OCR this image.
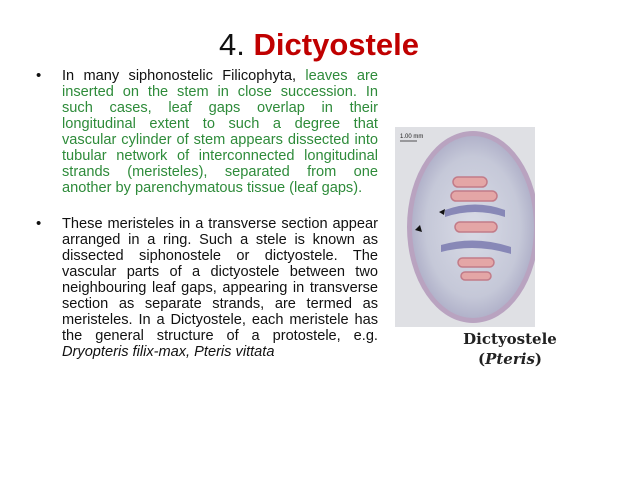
4. Dictyostele
• In many siphonostelic Filicophyta, leaves are inserted on the stem in close succession. In such cases, leaf gaps overlap in their longitudinal extent to such a degree that vascular cylinder of stem appears dissected into tubular network of interconnected longitudinal strands (meristeles), separated from one another by parenchymatous tissue (leaf gaps).
• These meristeles in a transverse section appear arranged in a ring. Such a stele is known as dissected siphonostele or dictyostele. The vascular parts of a dictyostele between two neighbouring leaf gaps, appearing in transverse section as separate strands, are termed as meristeles. In a Dictyostele, each meristele has the general structure of a protostele, e.g. Dryopteris filix-max, Pteris vittata
1.00 mm
Dictyostele
(Pteris)
